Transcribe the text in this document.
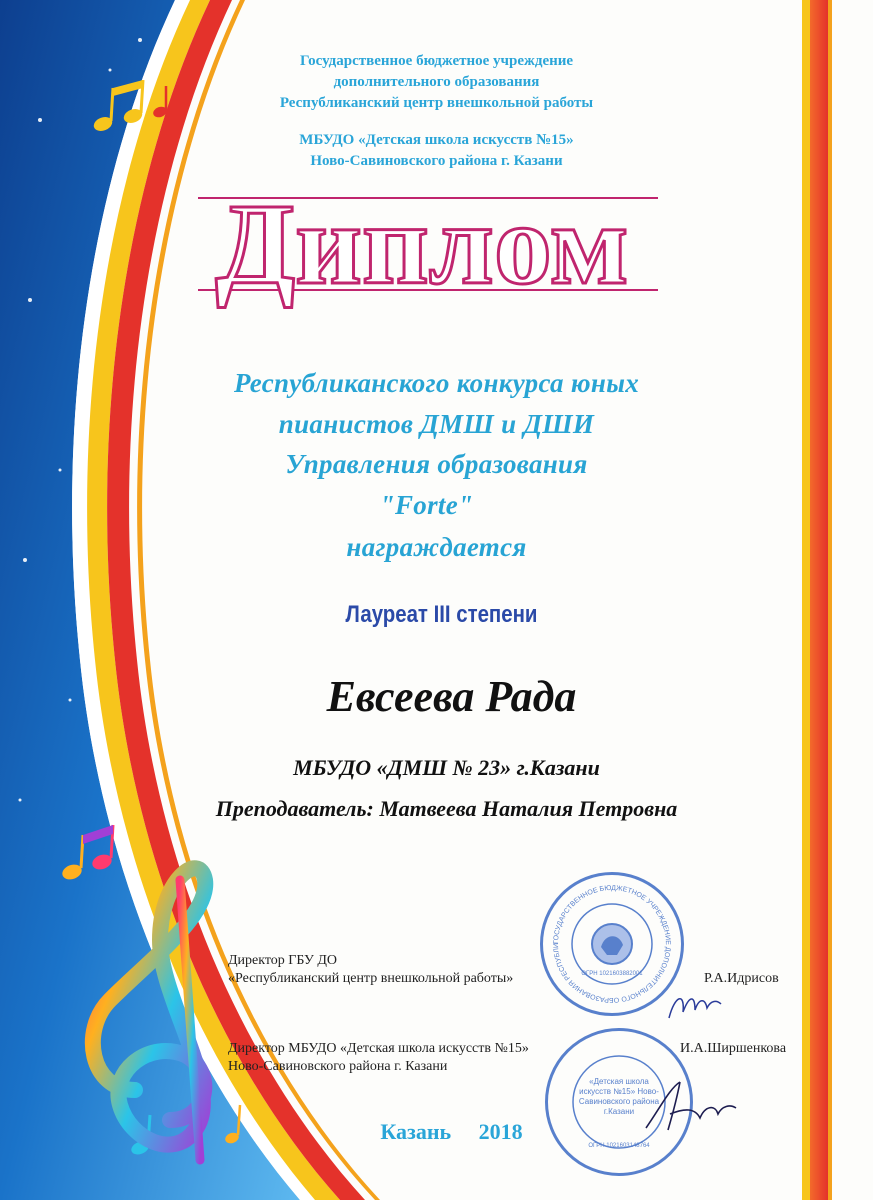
Государственное бюджетное учреждение

дополнительного образования

Республиканский центр внешкольной работы

МБУДО «Детская школа искусств №15»

Ново-Савиновского района г. Казани

Диплом

Республиканского конкурса юных

пианистов ДМШ и ДШИ

Управления образования

"Forte"

награждается

Лауреат III степени

Евсеева Рада

МБУДО «ДМШ № 23» г.Казани

Преподаватель: Матвеева Наталия Петровна

ГОСУДАРСТВЕННОЕ БЮДЖЕТНОЕ УЧРЕЖДЕНИЕ ДОПОЛНИТЕЛЬНОГО ОБРАЗОВАНИЯ РЕСПУБЛИ
ОГРН 1021603882001
«Детская школа искусств №15» Ново-Савиновского района г.Казани
ОГРН 1021603148764

Директор ГБУ ДО

«Республиканский центр внешкольной работы»	Р.А.Идрисов

Директор МБУДО «Детская школа искусств №15»

Ново-Савиновского района г. Казани

И.А.Ширшенкова

Казань 2018
